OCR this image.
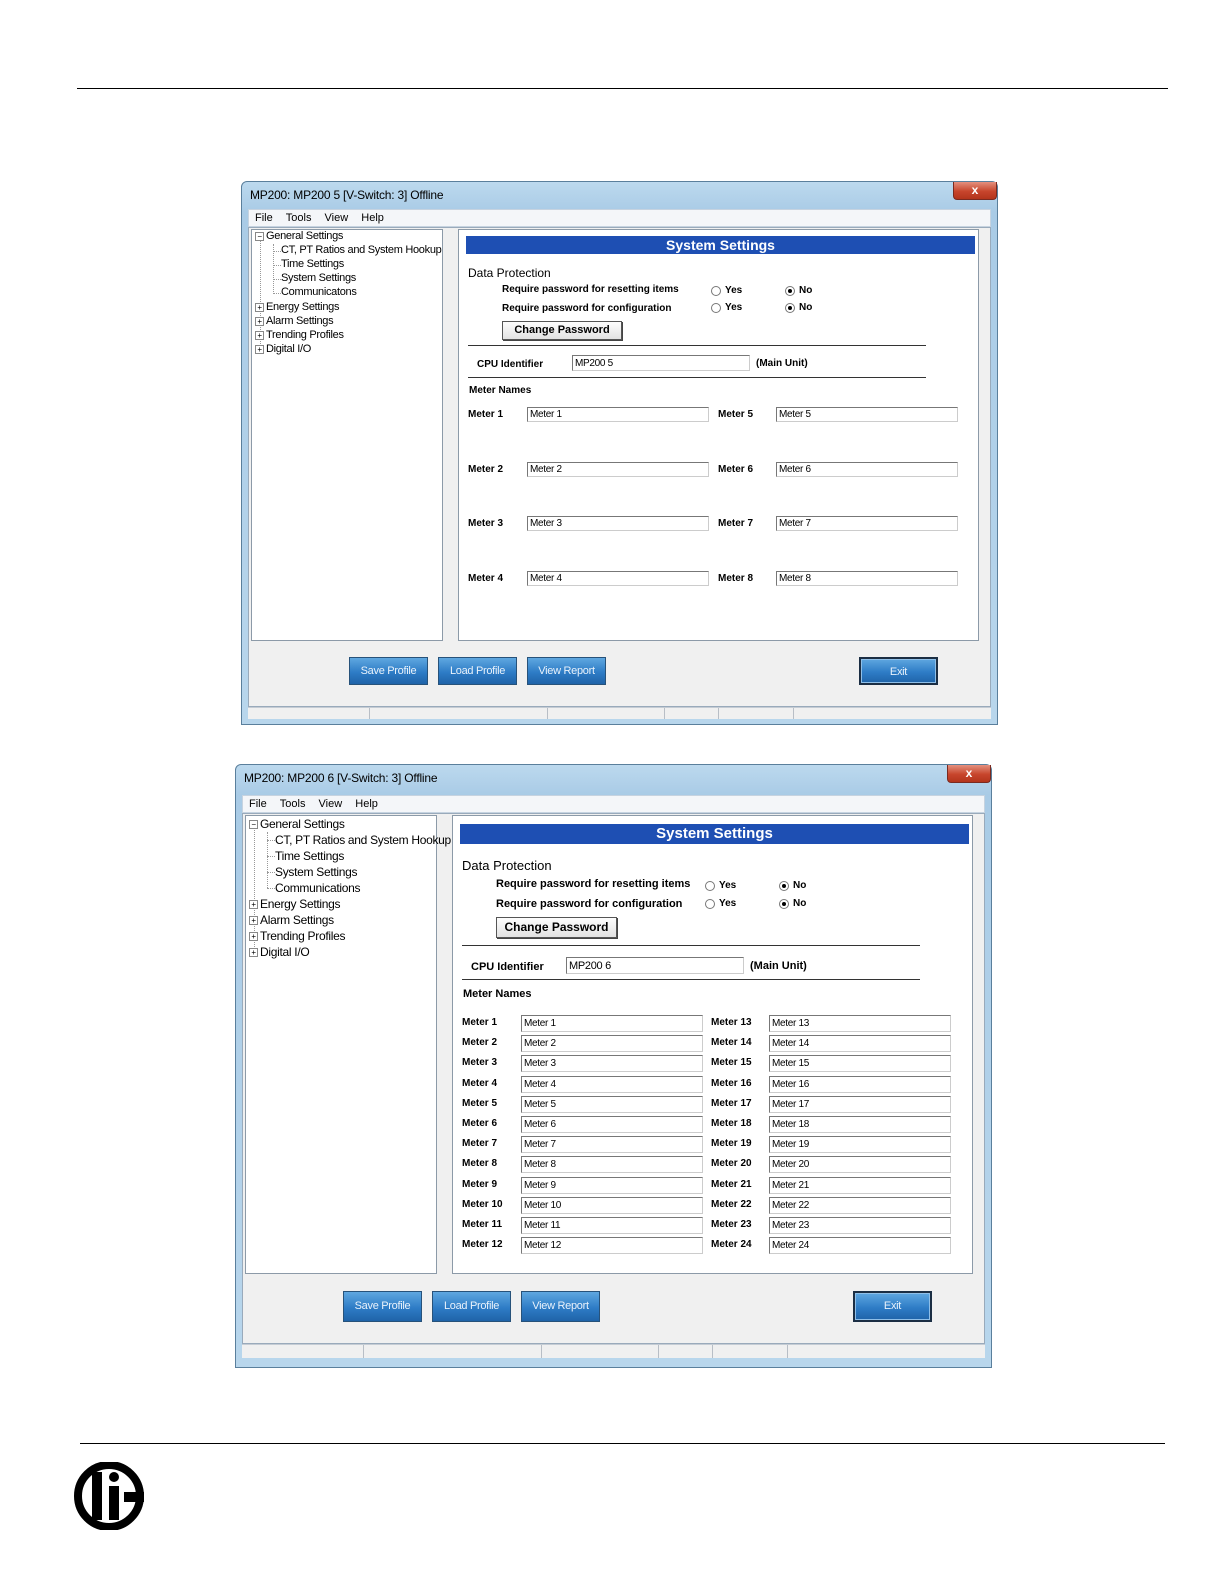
MP200: MP200 5 [V-Switch: 3] Offline	x
File Tools View Help
− General Settings
CT, PT Ratios and System Hookup
Time Settings
System Settings
Communicatons
+ Energy Settings
+ Alarm Settings
+ Trending Profiles
+ Digital I/O
System Settings
Data Protection
Require password for resetting items	Yes	No
Require password for configuration	Yes	No
Change Password
CPU Identifier	MP200 5	(Main Unit)
Meter Names
Meter 1	Meter 1
Meter 2	Meter 2
Meter 3	Meter 3
Meter 4	Meter 4
Meter 5	Meter 5
Meter 6	Meter 6
Meter 7	Meter 7
Meter 8	Meter 8
Save Profile	Load Profile	View Report	Exit
MP200: MP200 6 [V-Switch: 3] Offline	x
File Tools View Help
− General Settings
CT, PT Ratios and System Hookup
Time Settings
System Settings
Communications
+ Energy Settings
+ Alarm Settings
+ Trending Profiles
+ Digital I/O
System Settings
Data Protection
Require password for resetting items	Yes	No
Require password for configuration	Yes	No
Change Password
CPU Identifier MP200 6	(Main Unit)
Meter Names
Meter 1	Meter 1
Meter 2	Meter 2
Meter 3	Meter 3
Meter 4	Meter 4
Meter 5	Meter 5
Meter 6	Meter 6
Meter 7	Meter 7
Meter 8	Meter 8
Meter 9	Meter 9
Meter 10	Meter 10
Meter 11	Meter 11
Meter 12	Meter 12
Meter 13	Meter 13
Meter 14	Meter 14
Meter 15	Meter 15
Meter 16	Meter 16
Meter 17	Meter 17
Meter 18	Meter 18
Meter 19	Meter 19
Meter 20	Meter 20
Meter 21	Meter 21
Meter 22	Meter 22
Meter 23	Meter 23
Meter 24	Meter 24
Save Profile	Load Profile	View Report	Exit
